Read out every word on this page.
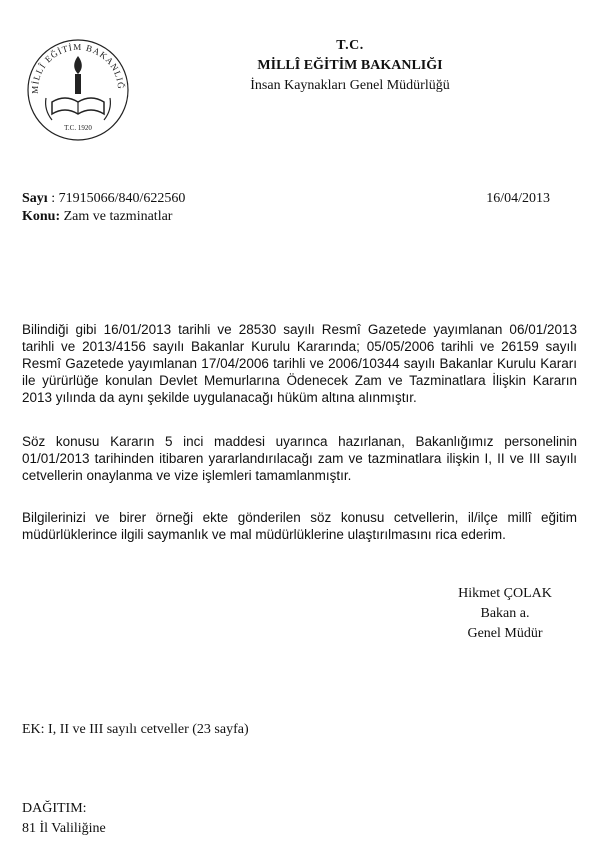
MİLLÎ EĞİTİM BAKANLIĞ
T.C. 1920
T.C.
MİLLÎ EĞİTİM BAKANLIĞI
İnsan Kaynakları Genel Müdürlüğü
Sayı : 71915066/840/622560
Konu: Zam ve tazminatlar
16/04/2013

Bilindiği gibi 16/01/2013 tarihli ve 28530 sayılı Resmî Gazetede yayımlanan 06/01/2013 tarihli ve 2013/4156 sayılı Bakanlar Kurulu Kararında; 05/05/2006 tarihli ve 26159 sayılı Resmî Gazetede yayımlanan 17/04/2006 tarihli ve 2006/10344 sayılı Bakanlar Kurulu Kararı ile yürürlüğe konulan Devlet Memurlarına Ödenecek Zam ve Tazminatlara İlişkin Kararın 2013 yılında da aynı şekilde uygulanacağı hüküm altına alınmıştır.

Söz konusu Kararın 5 inci maddesi uyarınca hazırlanan, Bakanlığımız personelinin 01/01/2013 tarihinden itibaren yararlandırılacağı zam ve tazminatlara ilişkin I, II ve III sayılı cetvellerin onaylanma ve vize işlemleri tamamlanmıştır.

Bilgilerinizi ve birer örneği ekte gönderilen söz konusu cetvellerin, il/ilçe millî eğitim müdürlüklerince ilgili saymanlık ve mal müdürlüklerine ulaştırılmasını rica ederim.

Hikmet ÇOLAK
Bakan a.
Genel Müdür
EK: I, II ve III sayılı cetveller (23 sayfa)
DAĞITIM:
81 İl Valiliğine
